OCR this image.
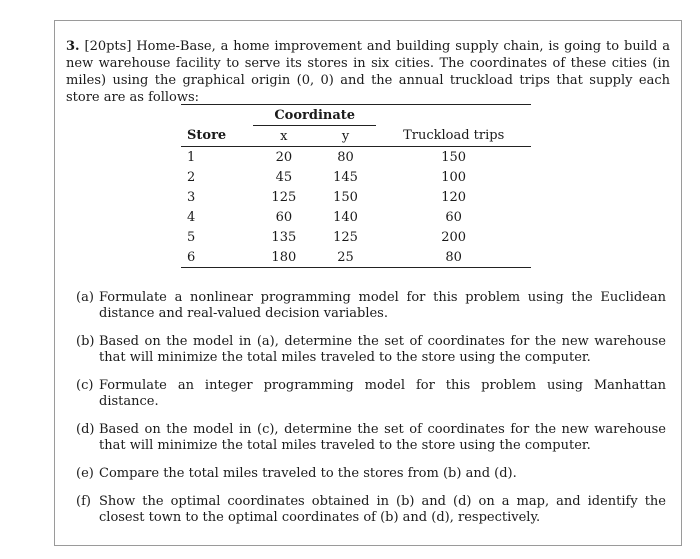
3. [20pts] Home-Base, a home improvement and building supply chain, is going to build a new warehouse facility to serve its stores in six cities. The coordinates of these cities (in miles) using the graphical origin (0, 0) and the annual truckload trips that supply each store are as follows:
	Coordinate		
Store	x	y	Truckload trips
1	20	80	150
2	45	145	100
3	125	150	120
4	60	140	60
5	135	125	200
6	180	25	80
(a) Formulate a nonlinear programming model for this problem using the Euclidean distance and real-valued decision variables.
(b) Based on the model in (a), determine the set of coordinates for the new warehouse that will minimize the total miles traveled to the store using the computer.
(c) Formulate an integer programming model for this problem using Manhattan distance.
(d) Based on the model in (c), determine the set of coordinates for the new warehouse that will minimize the total miles traveled to the store using the computer.
(e) Compare the total miles traveled to the stores from (b) and (d).
(f) Show the optimal coordinates obtained in (b) and (d) on a map, and identify the closest town to the optimal coordinates of (b) and (d), respectively.
